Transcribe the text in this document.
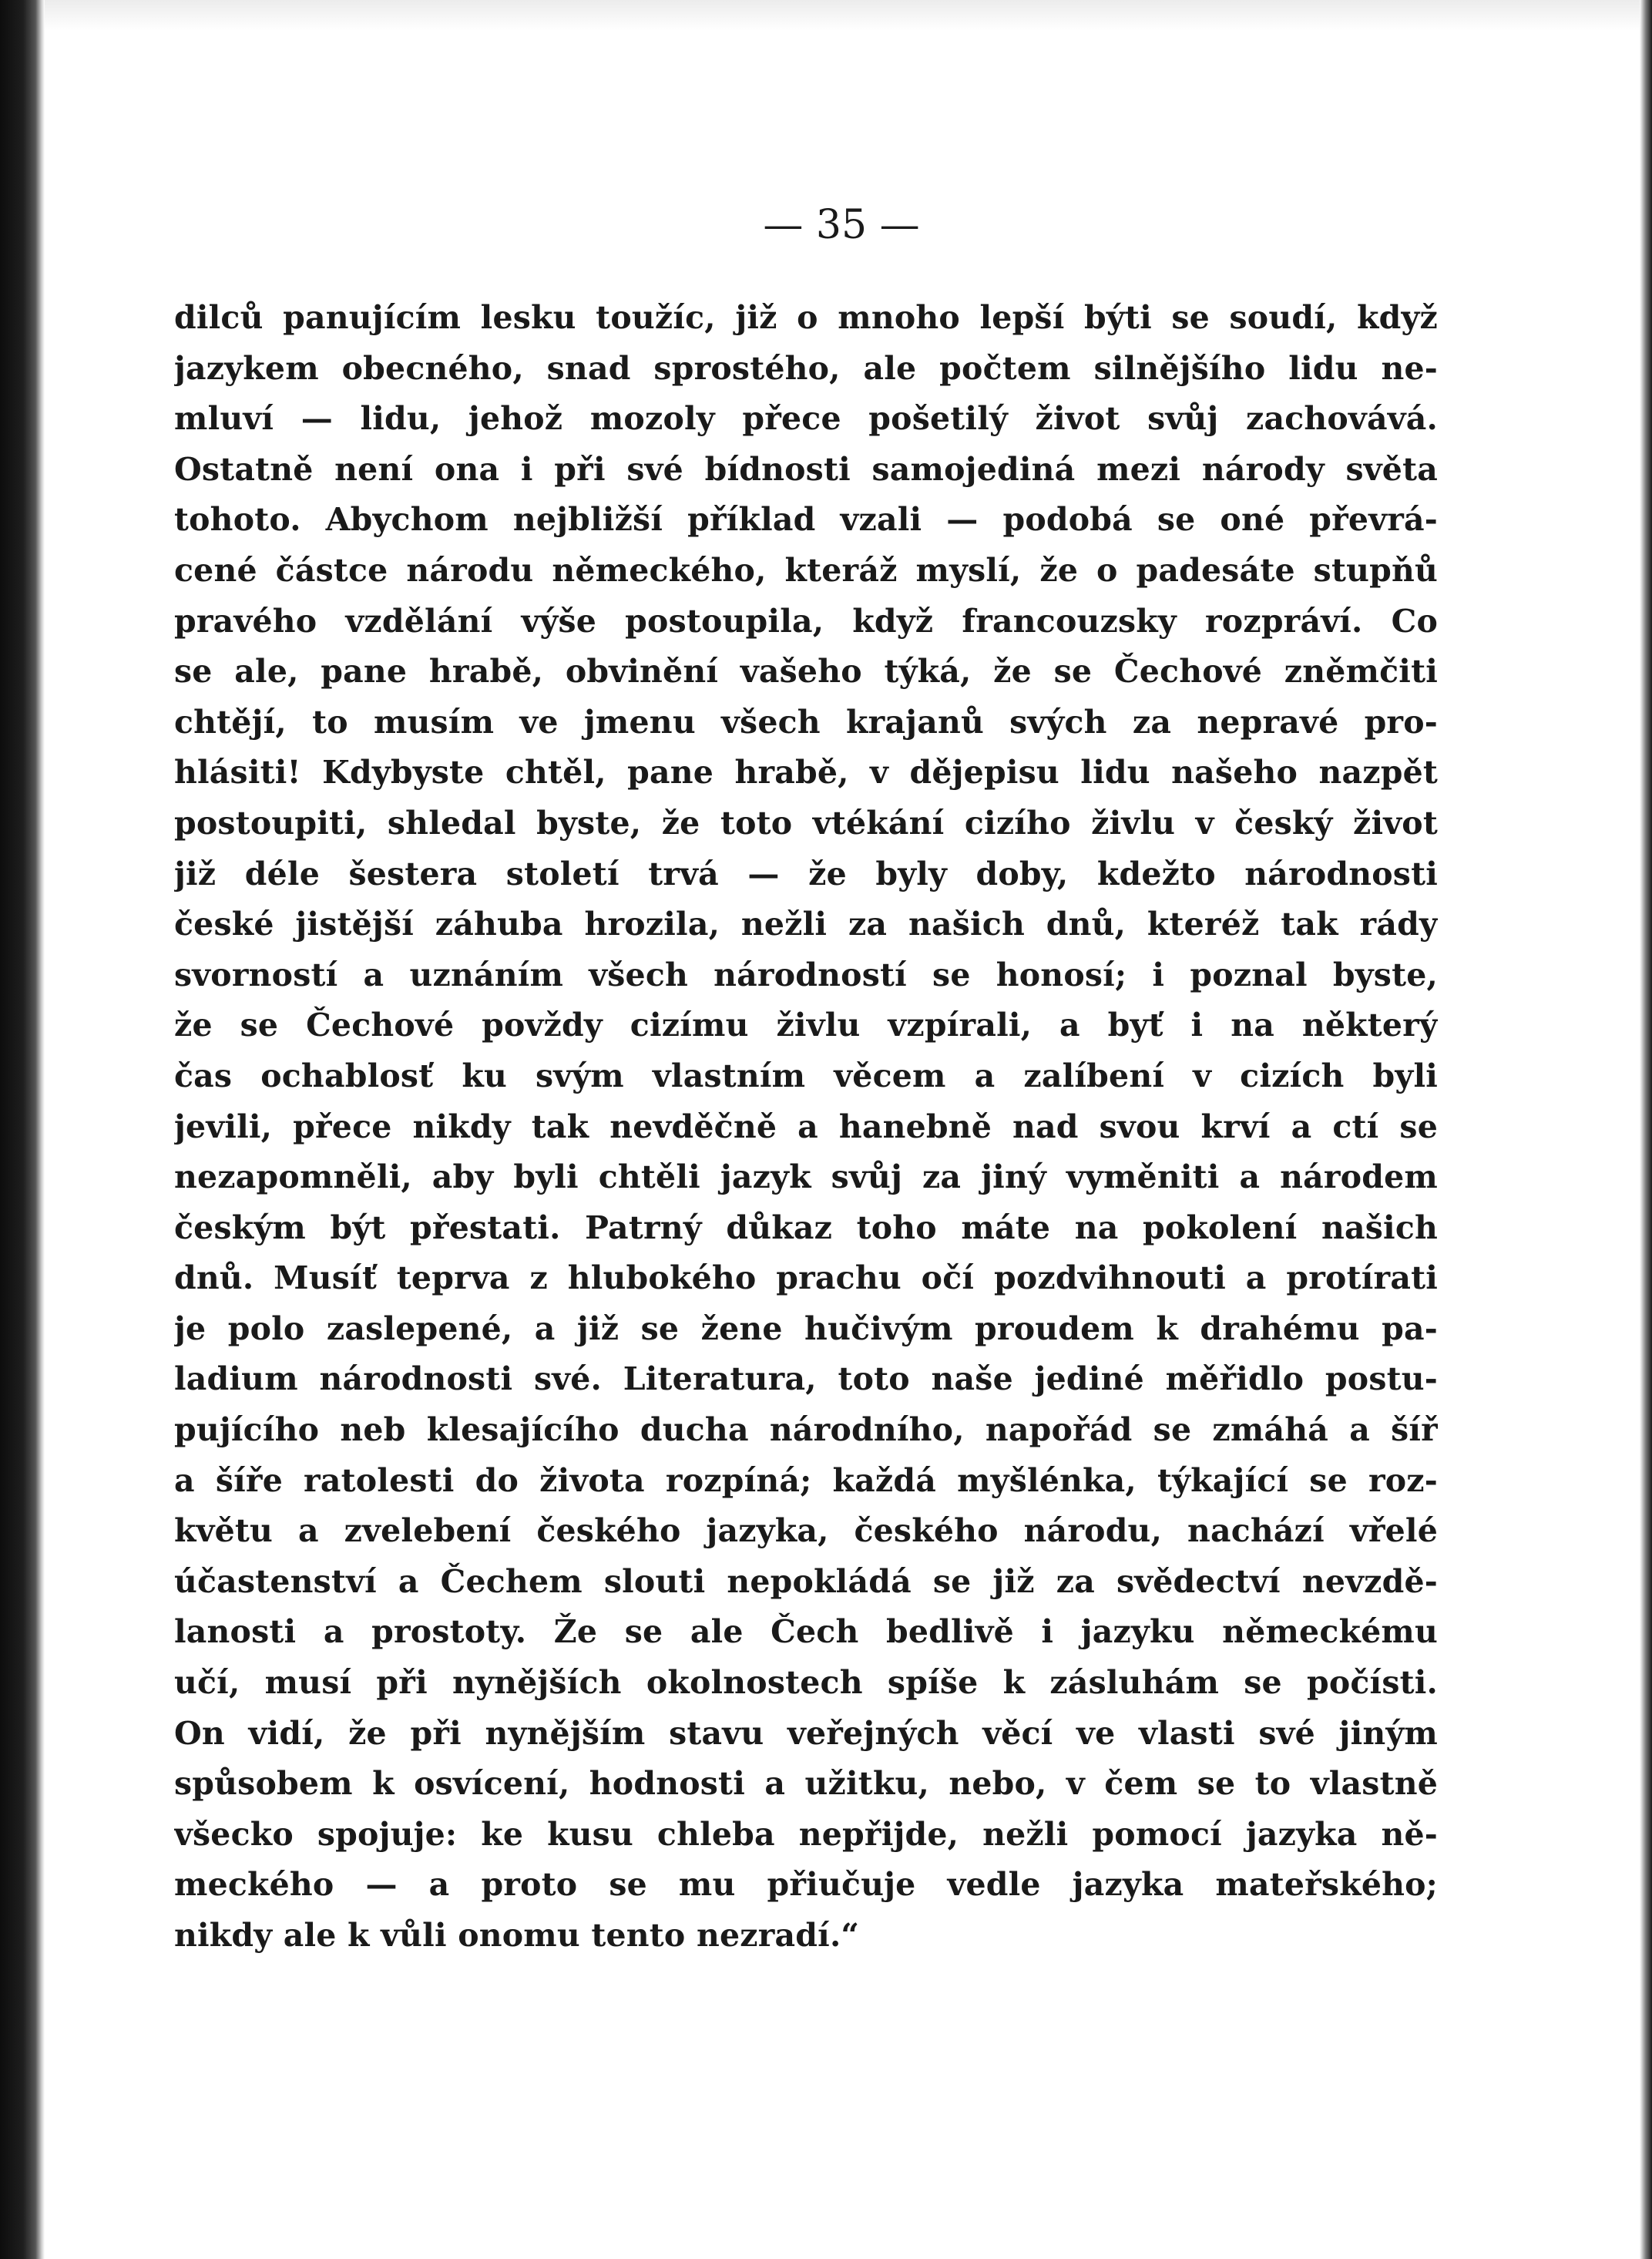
— 35 —
dilců panujícím lesku toužíc, již o mnoho lepší býti se soudí, když
jazykem obecného, snad sprostého, ale počtem silnějšího lidu ne-
mluví — lidu, jehož mozoly přece pošetilý život svůj zachovává.
Ostatně není ona i při své bídnosti samojediná mezi národy světa
tohoto. Abychom nejbližší příklad vzali — podobá se oné převrá-
cené částce národu německého, kteráž myslí, že o padesáte stupňů
pravého vzdělání výše postoupila, když francouzsky rozpráví. Co
se ale, pane hrabě, obvinění vašeho týká, že se Čechové zněmčiti
chtějí, to musím ve jmenu všech krajanů svých za nepravé pro-
hlásiti! Kdybyste chtěl, pane hrabě, v dějepisu lidu našeho nazpět
postoupiti, shledal byste, že toto vtékání cizího živlu v český život
již déle šestera století trvá — že byly doby, kdežto národnosti
české jistější záhuba hrozila, nežli za našich dnů, kteréž tak rády
svorností a uznáním všech národností se honosí; i poznal byste,
že se Čechové povždy cizímu živlu vzpírali, a byť i na některý
čas ochablosť ku svým vlastním věcem a zalíbení v cizích byli
jevili, přece nikdy tak nevděčně a hanebně nad svou krví a ctí se
nezapomněli, aby byli chtěli jazyk svůj za jiný vyměniti a národem
českým být přestati. Patrný důkaz toho máte na pokolení našich
dnů. Musíť teprva z hlubokého prachu očí pozdvihnouti a protírati
je polo zaslepené, a již se žene hučivým proudem k drahému pa-
ladium národnosti své. Literatura, toto naše jediné měřidlo postu-
pujícího neb klesajícího ducha národního, napořád se zmáhá a šíř
a šíře ratolesti do života rozpíná; každá myšlénka, týkající se roz-
květu a zvelebení českého jazyka, českého národu, nachází vřelé
účastenství a Čechem slouti nepokládá se již za svědectví nevzdě-
lanosti a prostoty. Že se ale Čech bedlivě i jazyku německému
učí, musí při nynějších okolnostech spíše k zásluhám se počísti.
On vidí, že při nynějším stavu veřejných věcí ve vlasti své jiným
spůsobem k osvícení, hodnosti a užitku, nebo, v čem se to vlastně
všecko spojuje: ke kusu chleba nepřijde, nežli pomocí jazyka ně-
meckého — a proto se mu přiučuje vedle jazyka mateřského;
nikdy ale k vůli onomu tento nezradí.“
